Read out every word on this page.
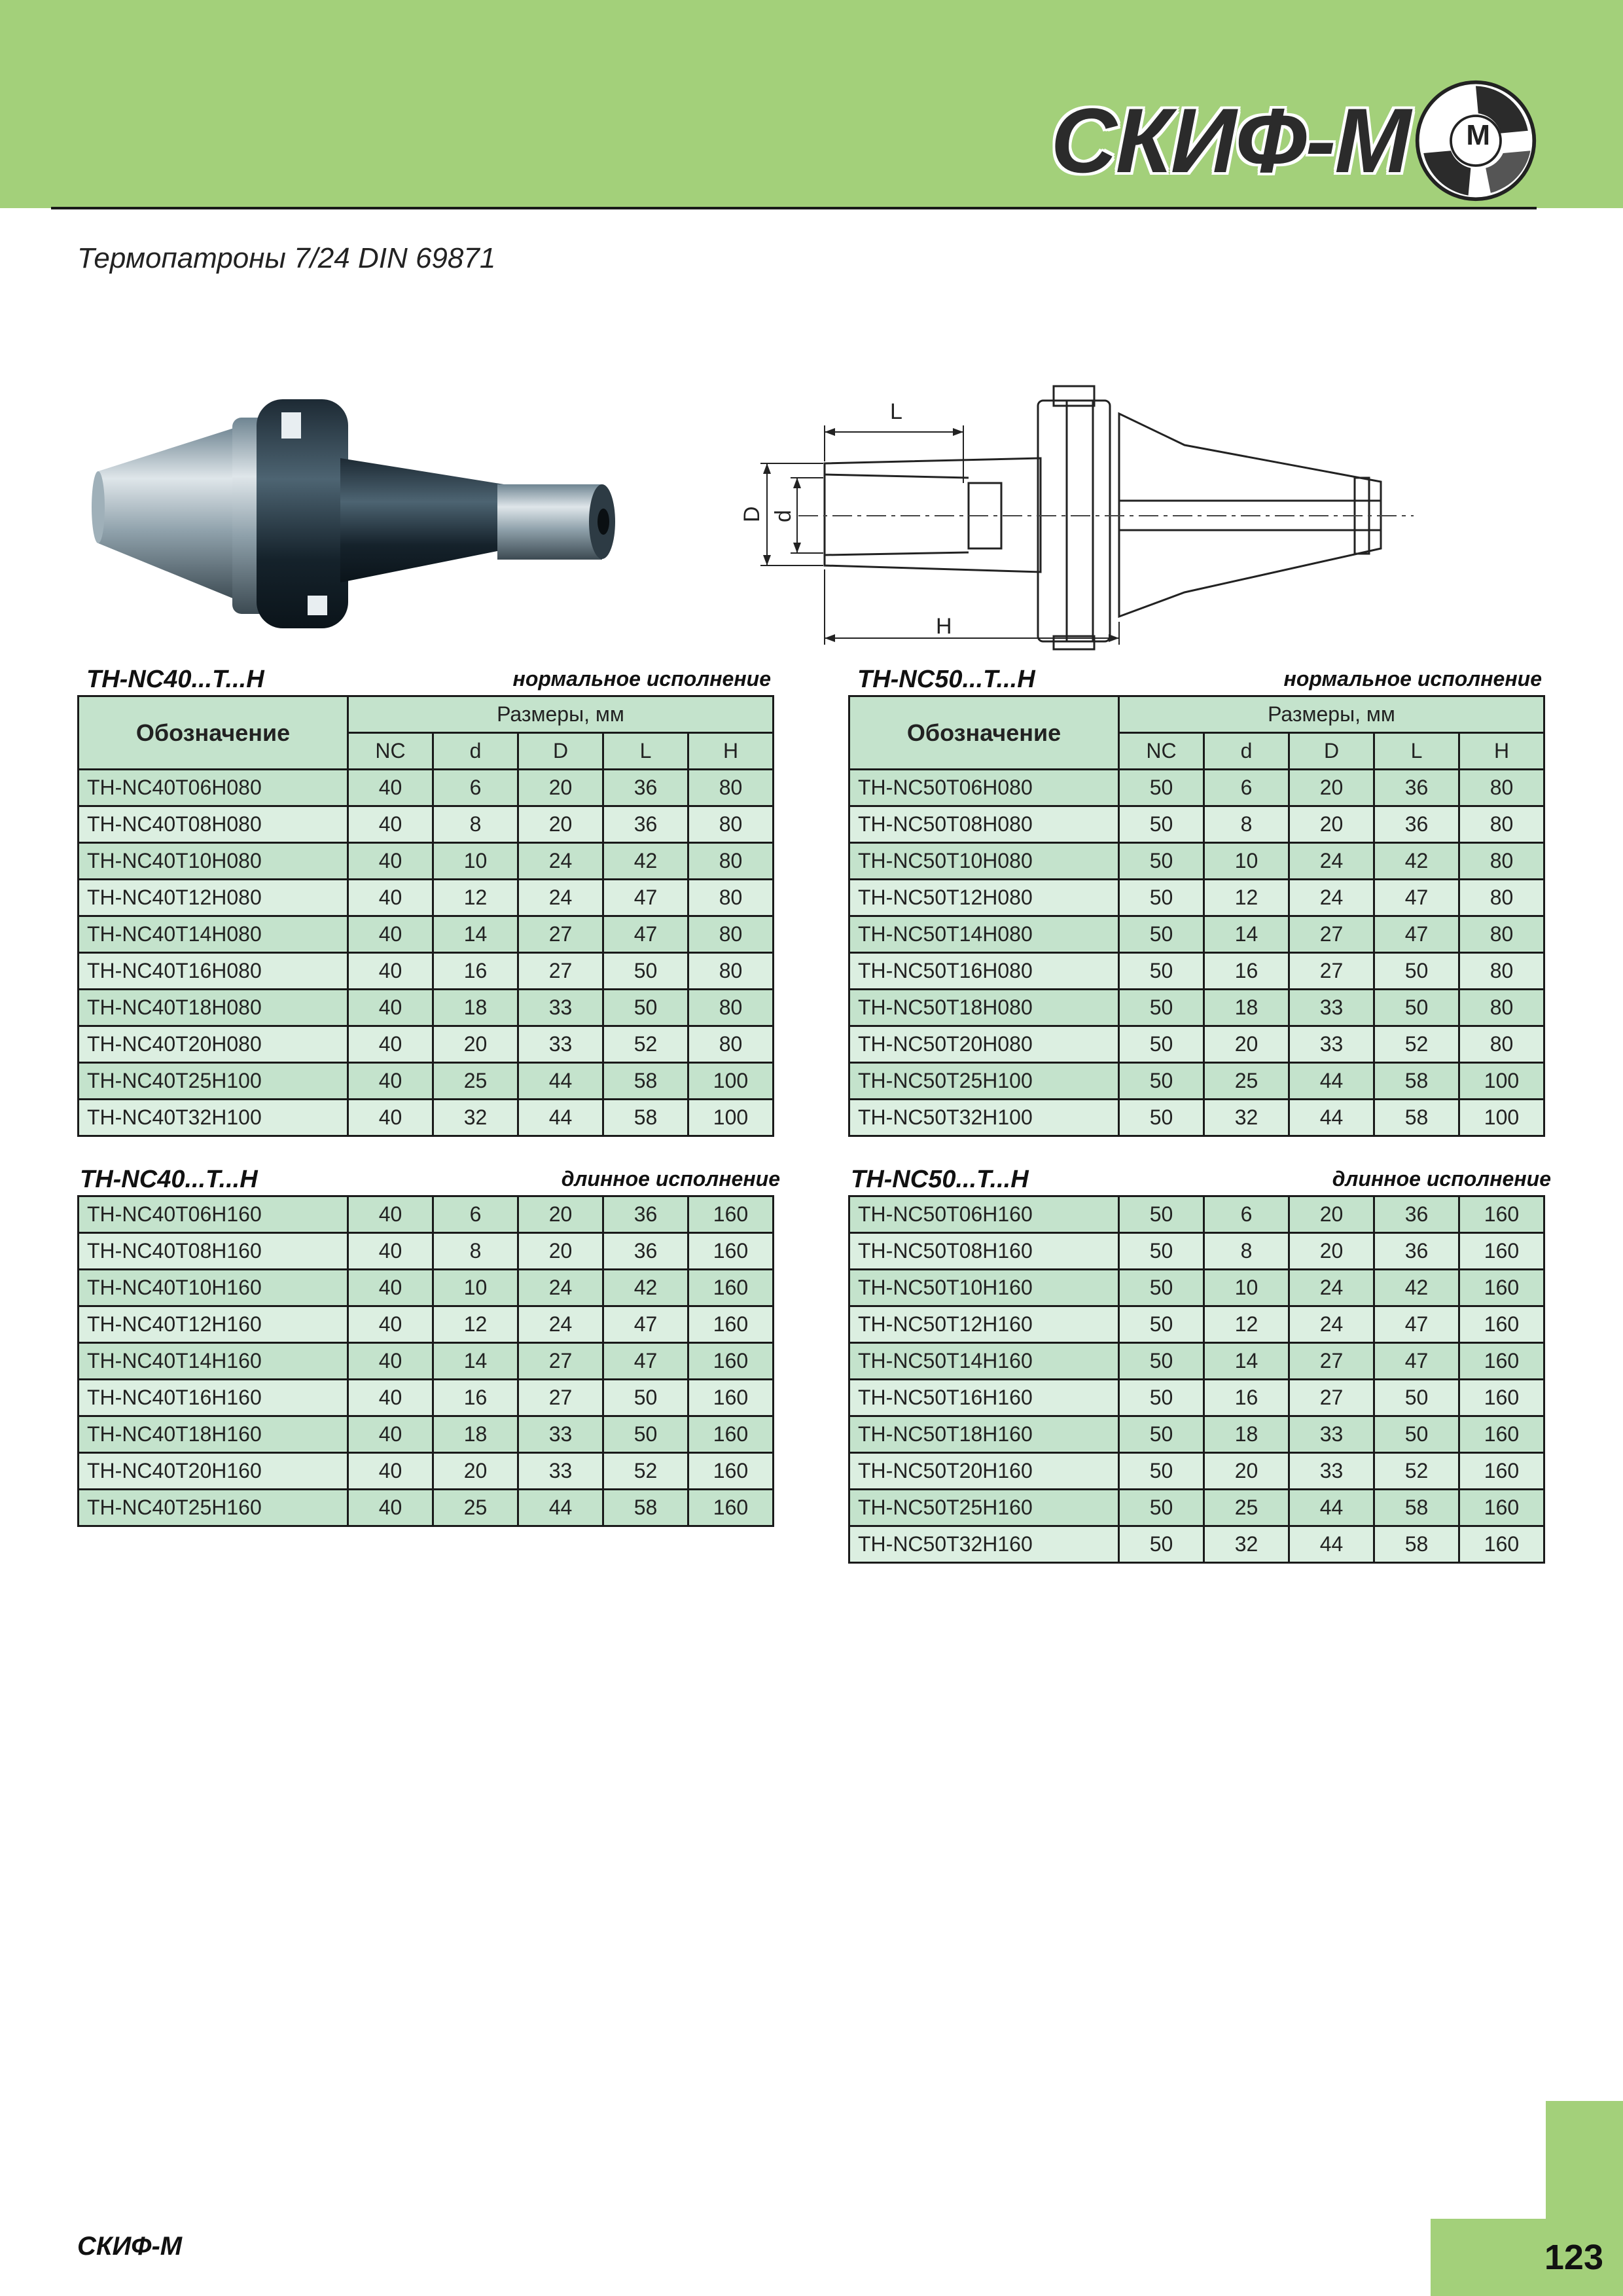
СКИФ-М М
Термопатроны 7/24 DIN 69871
L
H
D d
TH-NC40...T...H	нормальное исполнение
Обозначение	Размеры, мм				
	NC	d	D	L	H
TH-NC40T06H080	40	6	20	36	80
TH-NC40T08H080	40	8	20	36	80
TH-NC40T10H080	40	10	24	42	80
TH-NC40T12H080	40	12	24	47	80
TH-NC40T14H080	40	14	27	47	80
TH-NC40T16H080	40	16	27	50	80
TH-NC40T18H080	40	18	33	50	80
TH-NC40T20H080	40	20	33	52	80
TH-NC40T25H100	40	25	44	58	100
TH-NC40T32H100	40	32	44	58	100
TH-NC50...T...H	нормальное исполнение
Обозначение	Размеры, мм				
	NC	d	D	L	H
TH-NC50T06H080	50	6	20	36	80
TH-NC50T08H080	50	8	20	36	80
TH-NC50T10H080	50	10	24	42	80
TH-NC50T12H080	50	12	24	47	80
TH-NC50T14H080	50	14	27	47	80
TH-NC50T16H080	50	16	27	50	80
TH-NC50T18H080	50	18	33	50	80
TH-NC50T20H080	50	20	33	52	80
TH-NC50T25H100	50	25	44	58	100
TH-NC50T32H100	50	32	44	58	100
TH-NC40...T...H	длинное исполнение
TH-NC40T06H160	40	6	20	36	160
TH-NC40T08H160	40	8	20	36	160
TH-NC40T10H160	40	10	24	42	160
TH-NC40T12H160	40	12	24	47	160
TH-NC40T14H160	40	14	27	47	160
TH-NC40T16H160	40	16	27	50	160
TH-NC40T18H160	40	18	33	50	160
TH-NC40T20H160	40	20	33	52	160
TH-NC40T25H160	40	25	44	58	160
TH-NC50...T...H	длинное исполнение
TH-NC50T06H160	50	6	20	36	160
TH-NC50T08H160	50	8	20	36	160
TH-NC50T10H160	50	10	24	42	160
TH-NC50T12H160	50	12	24	47	160
TH-NC50T14H160	50	14	27	47	160
TH-NC50T16H160	50	16	27	50	160
TH-NC50T18H160	50	18	33	50	160
TH-NC50T20H160	50	20	33	52	160
TH-NC50T25H160	50	25	44	58	160
TH-NC50T32H160	50	32	44	58	160
СКИФ-М	123
